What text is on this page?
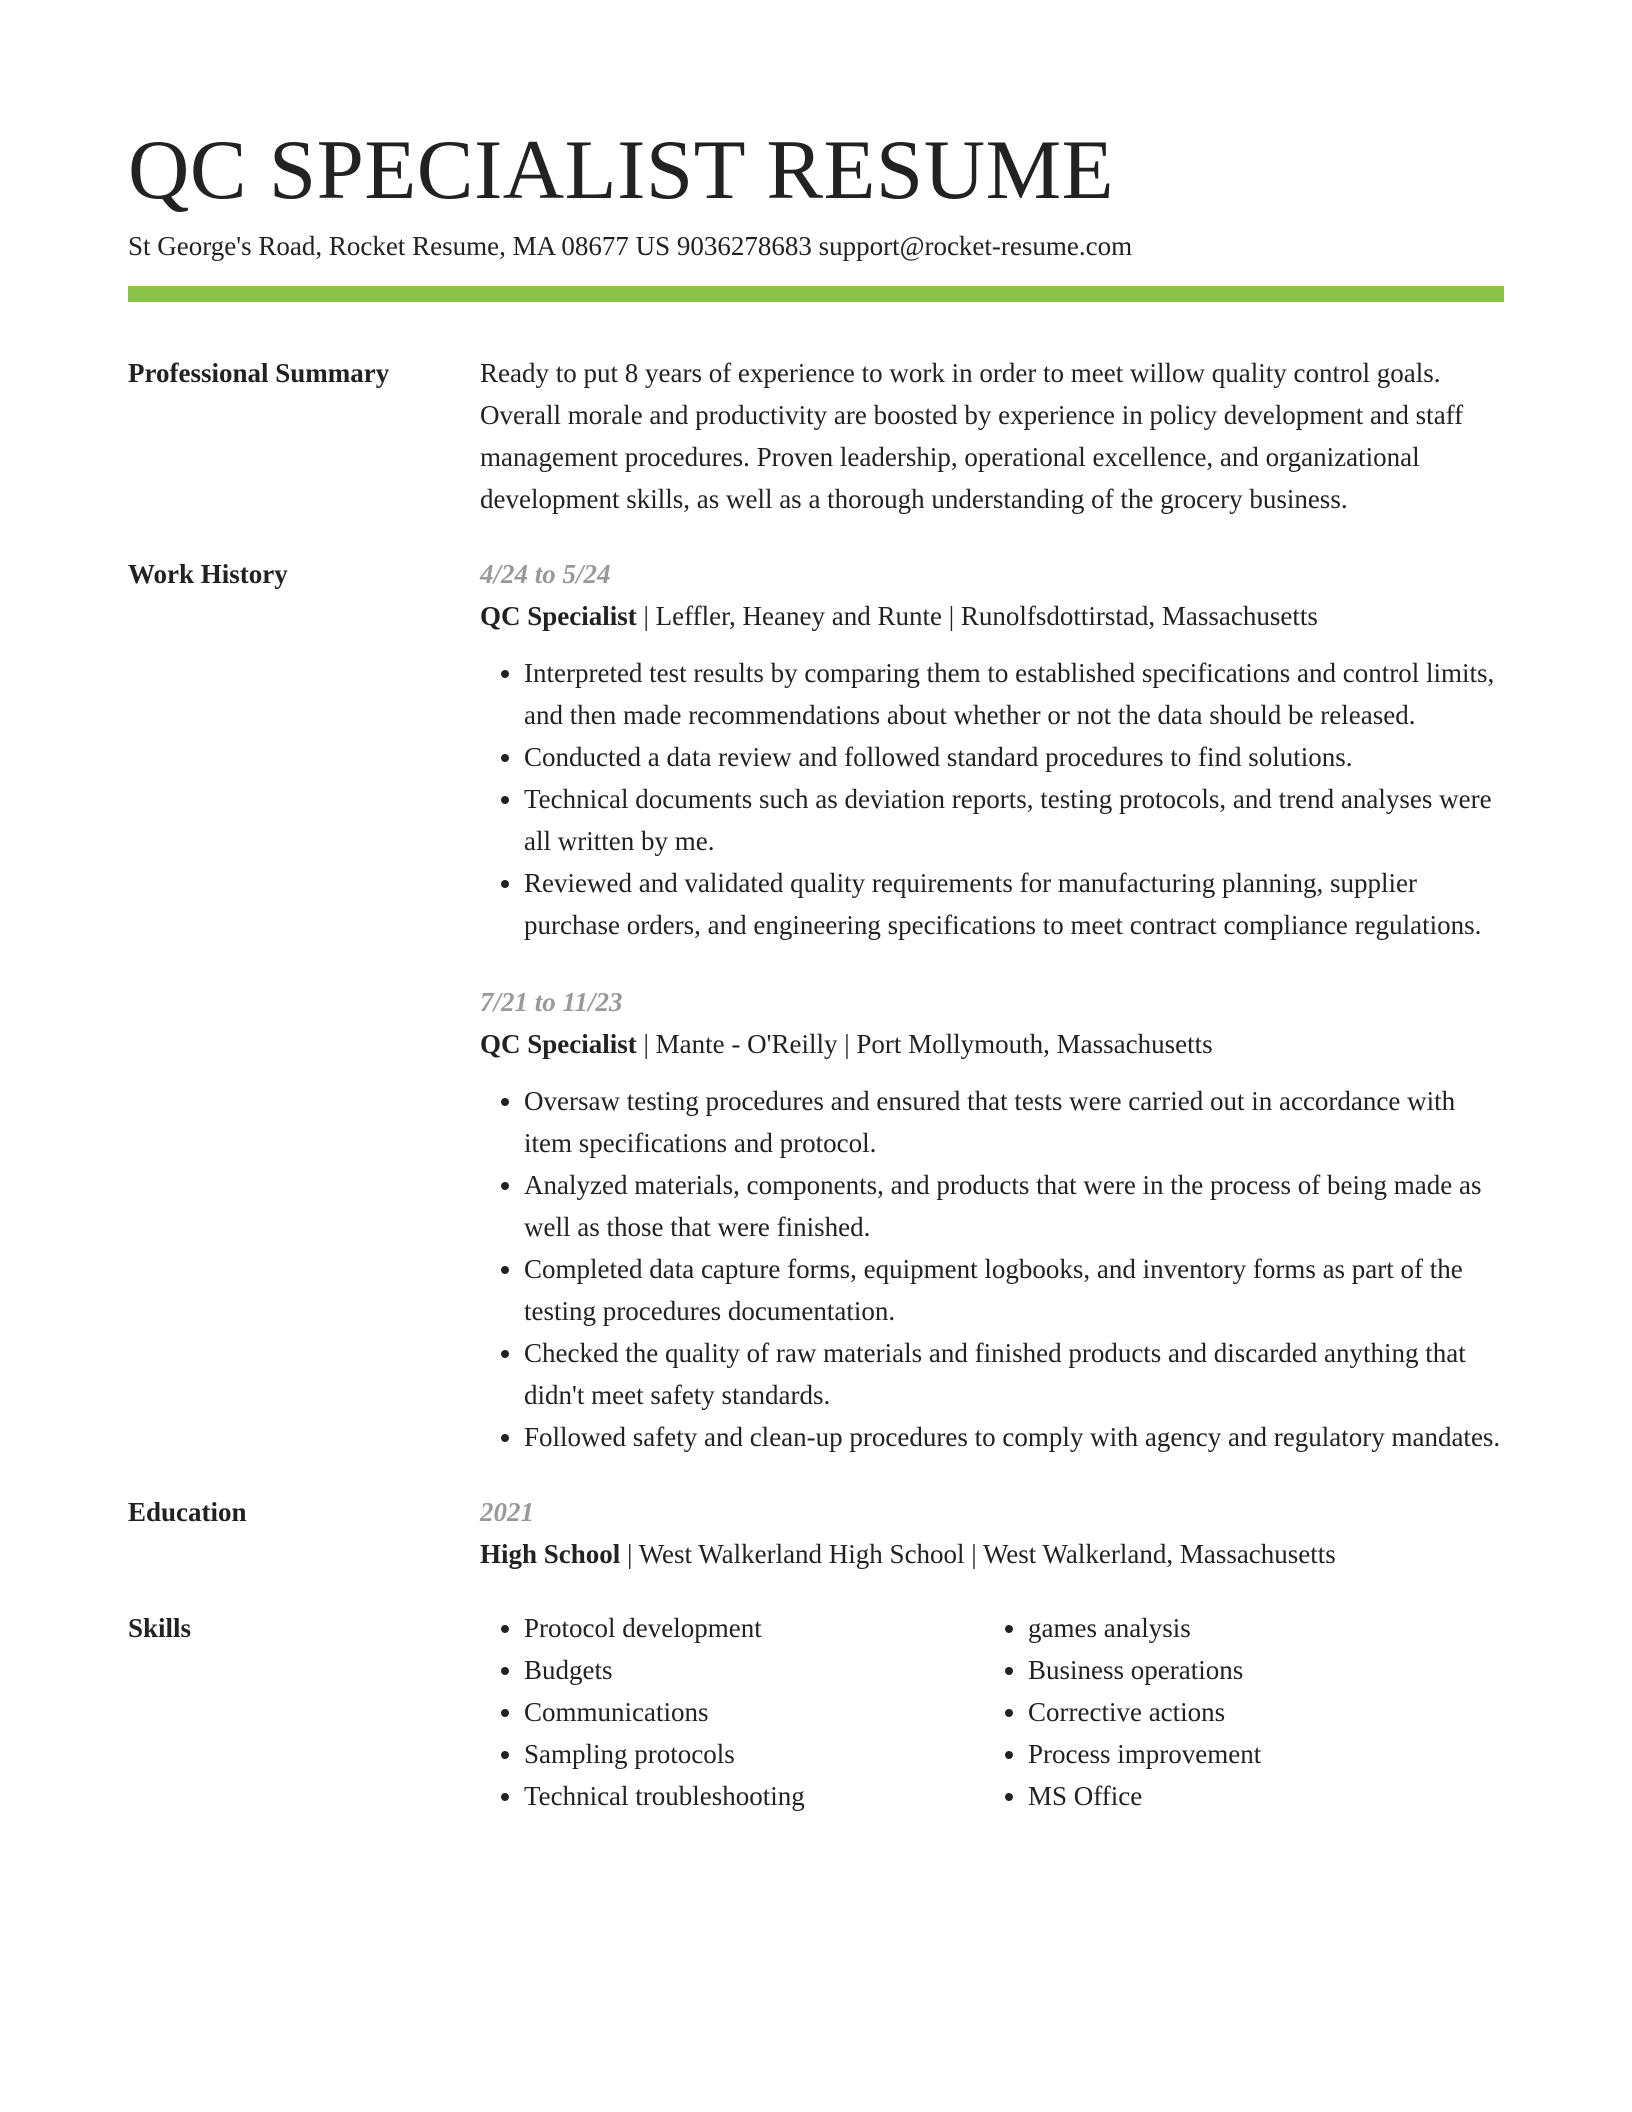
QC SPECIALIST RESUME
St George's Road, Rocket Resume, MA 08677 US 9036278683 support@rocket-resume.com
Professional Summary	Ready to put 8 years of experience to work in order to meet willow quality control goals. Overall morale and productivity are boosted by experience in policy development and staff management procedures. Proven leadership, operational excellence, and organizational development skills, as well as a thorough understanding of the grocery business.

Work History	4/24 to 5/24
QC Specialist | Leffler, Heaney and Runte | Runolfsdottirstad, Massachusetts
• Interpreted test results by comparing them to established specifications and control limits, and then made recommendations about whether or not the data should be released.
• Conducted a data review and followed standard procedures to find solutions.
• Technical documents such as deviation reports, testing protocols, and trend analyses were all written by me.
• Reviewed and validated quality requirements for manufacturing planning, supplier purchase orders, and engineering specifications to meet contract compliance regulations.
7/21 to 11/23
QC Specialist | Mante - O'Reilly | Port Mollymouth, Massachusetts
• Oversaw testing procedures and ensured that tests were carried out in accordance with item specifications and protocol.
• Analyzed materials, components, and products that were in the process of being made as well as those that were finished.
• Completed data capture forms, equipment logbooks, and inventory forms as part of the testing procedures documentation.
• Checked the quality of raw materials and finished products and discarded anything that didn't meet safety standards.
• Followed safety and clean-up procedures to comply with agency and regulatory mandates.
Education	2021
High School | West Walkerland High School | West Walkerland, Massachusetts
Skills
•	Protocol development
• Budgets
• Communications
• Sampling protocols
• Technical troubleshooting
• games analysis
• Business operations
• Corrective actions
• Process improvement
• MS Office
